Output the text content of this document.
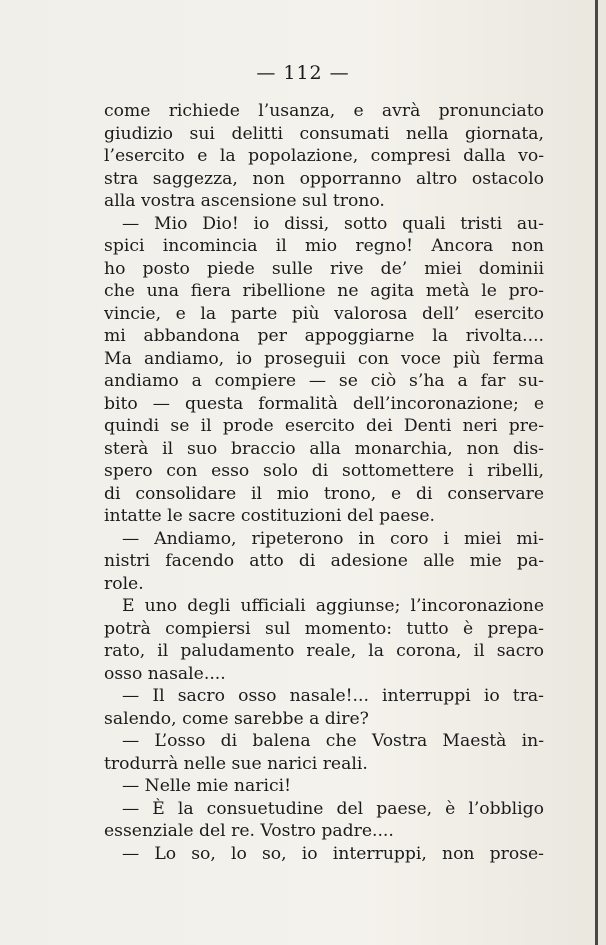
— 112 —
come richiede l’usanza, e avrà pronunciato
giudizio sui delitti consumati nella giornata,
l’esercito e la popolazione, compresi dalla vo-
stra saggezza, non opporranno altro ostacolo
alla vostra ascensione sul trono.
— Mio Dio! io dissi, sotto quali tristi au-
spici incomincia il mio regno! Ancora non
ho posto piede sulle rive de’ miei dominii
che una fiera ribellione ne agita metà le pro-
vincie, e la parte più valorosa dell’ esercito
mi abbandona per appoggiarne la rivolta....
Ma andiamo, io proseguii con voce più ferma
andiamo a compiere — se ciò s’ha a far su-
bito — questa formalità dell’incoronazione; e
quindi se il prode esercito dei Denti neri pre-
sterà il suo braccio alla monarchia, non dis-
spero con esso solo di sottomettere i ribelli,
di consolidare il mio trono, e di conservare
intatte le sacre costituzioni del paese.
— Andiamo, ripeterono in coro i miei mi-
nistri facendo atto di adesione alle mie pa-
role.
E uno degli ufficiali aggiunse; l’incoronazione
potrà compiersi sul momento: tutto è prepa-
rato, il paludamento reale, la corona, il sacro
osso nasale....
— Il sacro osso nasale!... interruppi io tra-
salendo, come sarebbe a dire?
— L’osso di balena che Vostra Maestà in-
trodurrà nelle sue narici reali.
— Nelle mie narici!
— È la consuetudine del paese, è l’obbligo
essenziale del re. Vostro padre....
— Lo so, lo so, io interruppi, non prose-
